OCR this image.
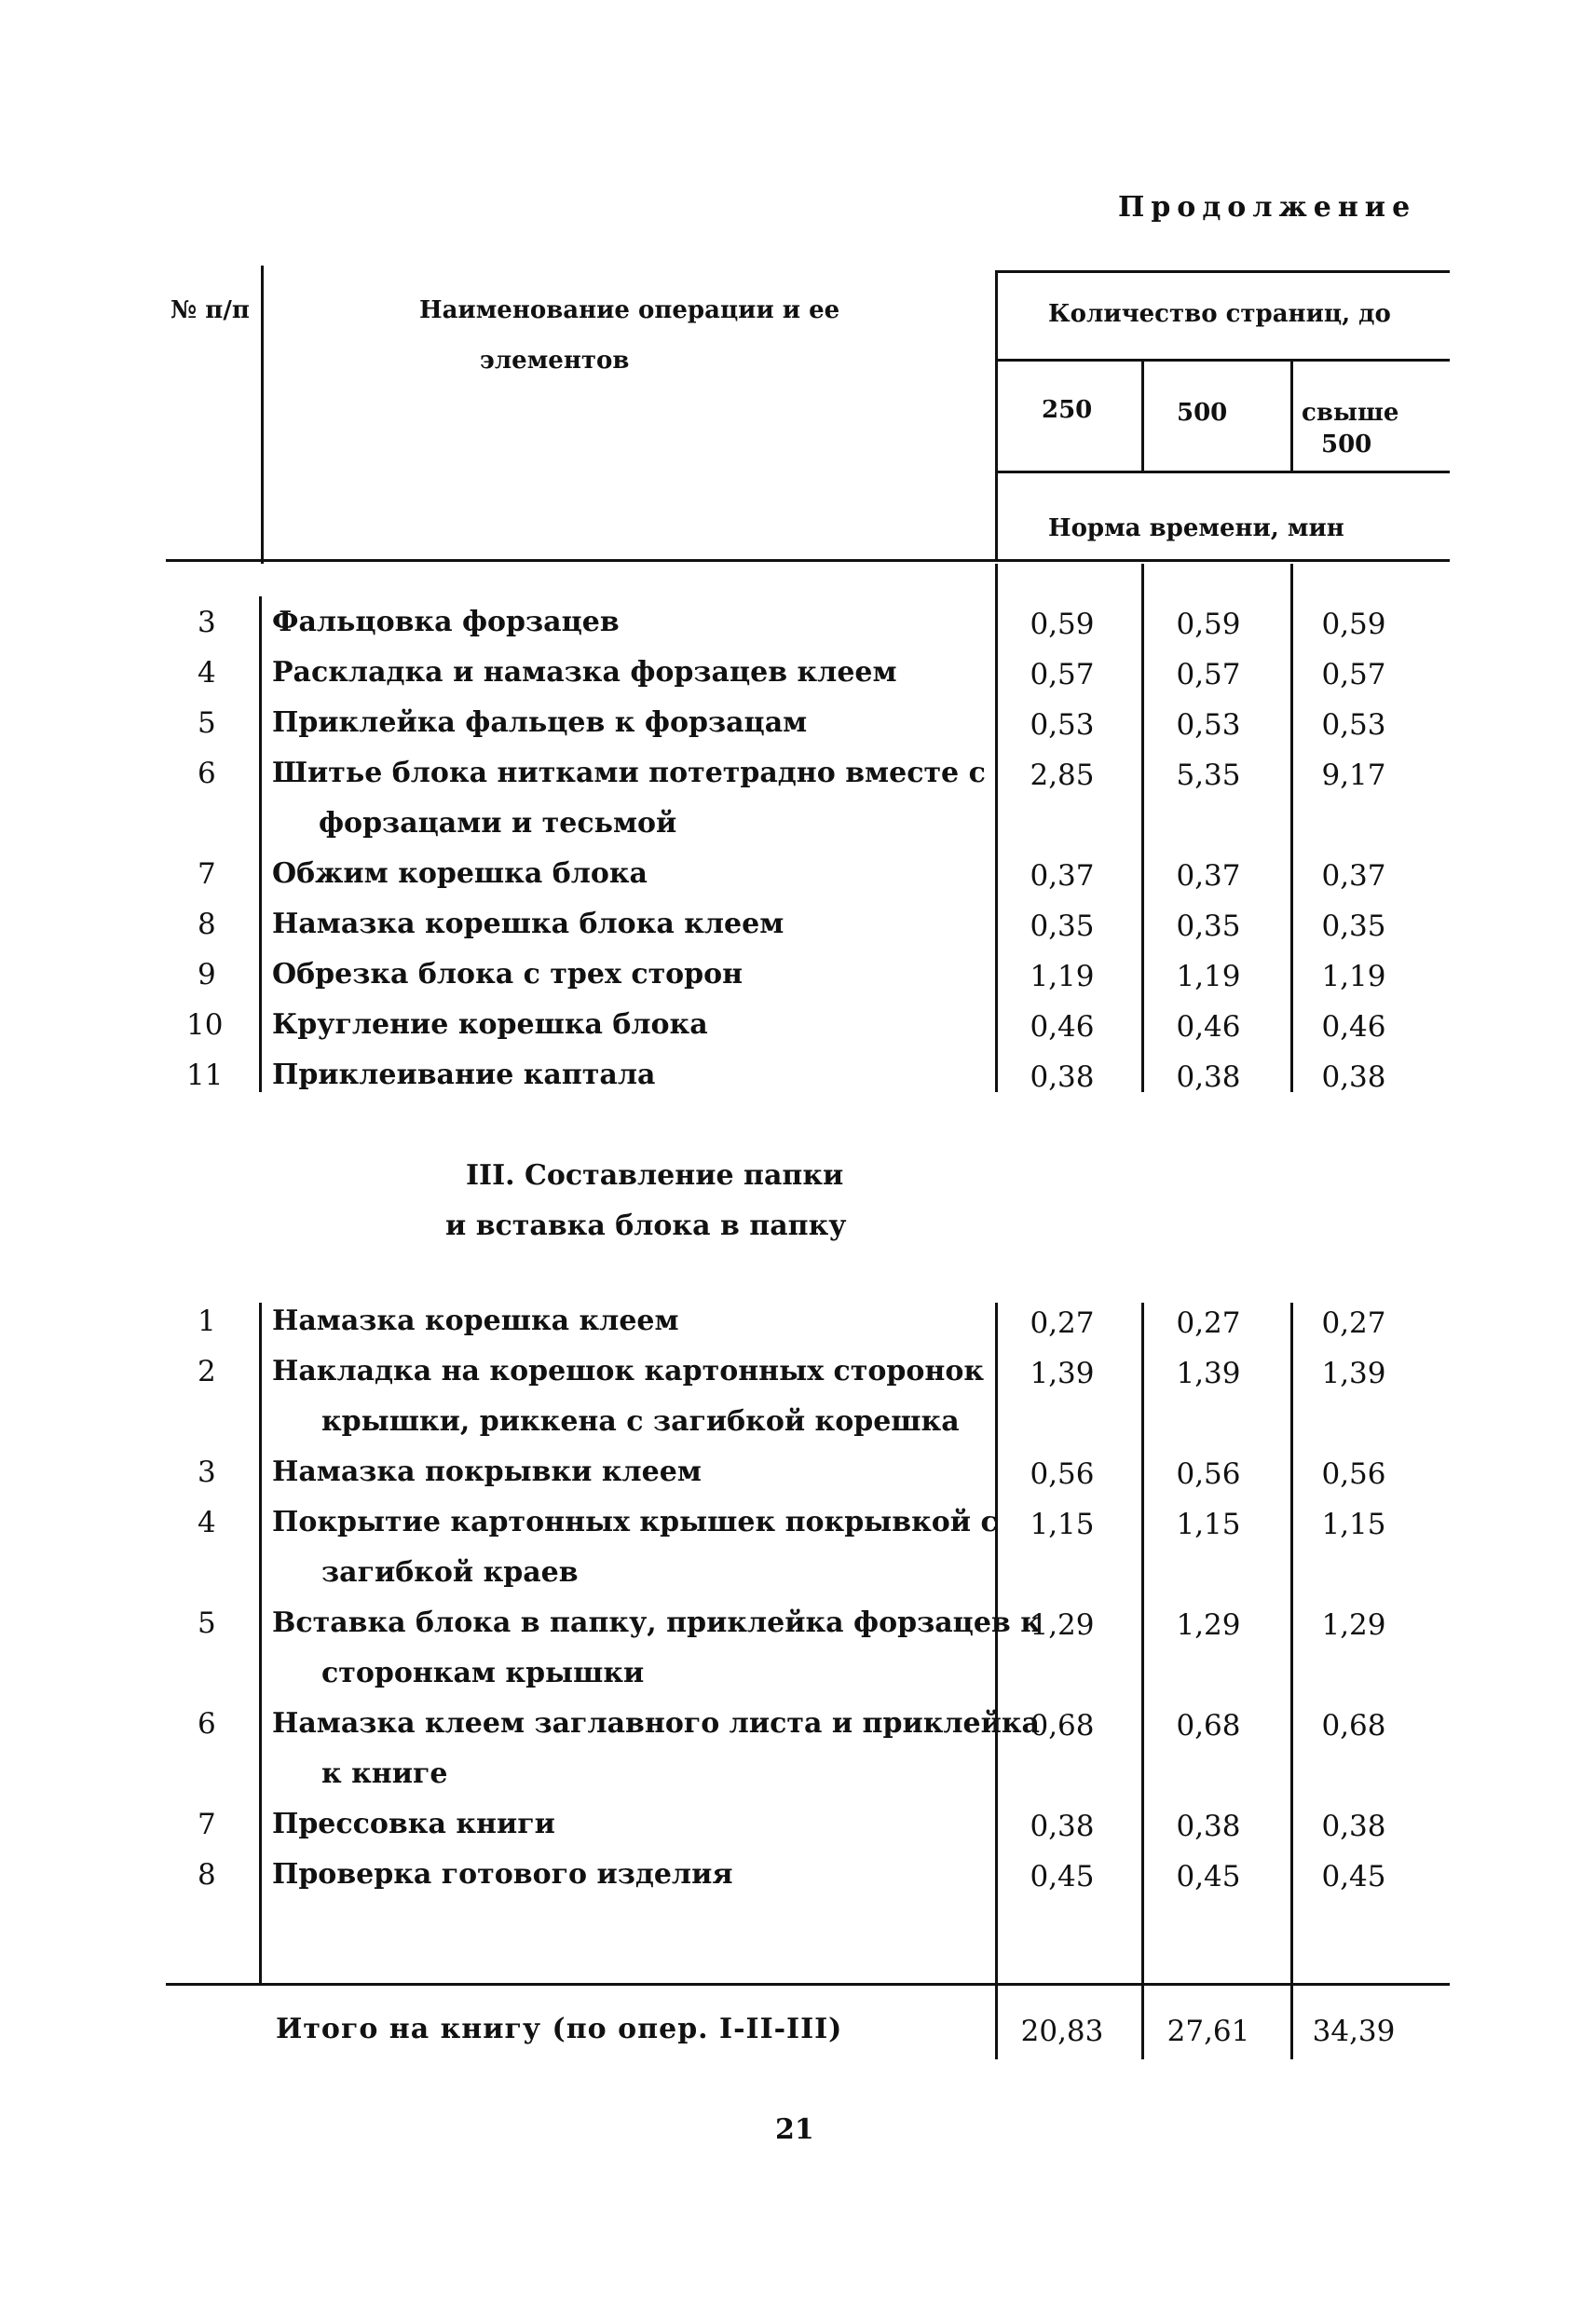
Продолжение
№ п/п	Наименование операции и ее
элементов
Количество страниц, до
250	500	свыше
500
Норма времени, мин
3 Фальцовка форзацев	0,59	0,59	0,59
4 Раскладка и намазка форзацев клеем	0,57	0,57	0,57
5 Приклейка фальцев к форзацам	0,53	0,53	0,53
6 Шитье блока нитками потетрадно вместе с
форзацами и тесьмой
2,85	5,35	9,17
7 Обжим корешка блока	0,37	0,37	0,37
8 Намазка корешка блока клеем	0,35	0,35	0,35
9 Обрезка блока с трех сторон	1,19	1,19	1,19
10 Кругление корешка блока	0,46	0,46	0,46
11 Приклеивание каптала	0,38	0,38	0,38
III. Составление папки
и вставка блока в папку
1 Намазка корешка клеем	0,27	0,27	0,27
2 Накладка на корешок картонных сторонок
крышки, риккена с загибкой корешка
1,39	1,39	1,39
3 Намазка покрывки клеем	0,56	0,56	0,56
4 Покрытие картонных крышек покрывкой с
загибкой краев
1,15	1,15	1,15
5 Вставка блока в папку, приклейка форзацев к
сторонкам крышки
1,29	1,29	1,29
6 Намазка клеем заглавного листа и приклейка
к книге
0,68	0,68	0,68
7 Прессовка книги	0,38	0,38	0,38
8 Проверка готового изделия	0,45	0,45	0,45
Итого на книгу (по опер. I-II-III)	20,83	27,61	34,39
21
